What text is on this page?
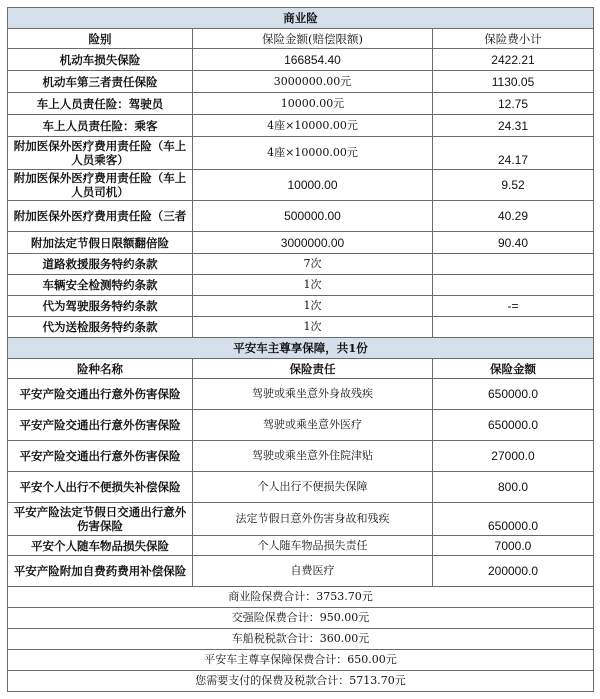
商业险		
险别	保险金额(赔偿限额)	保险费小计
机动车损失保险	166854.40	2422.21
机动车第三者责任保险	3000000.00元	1130.05
车上人员责任险：驾驶员	10000.00元	12.75
车上人员责任险：乘客	4座×10000.00元	24.31
附加医保外医疗费用责任险（车上人员乘客）	4座×10000.00元	24.17
附加医保外医疗费用责任险（车上人员司机）	10000.00	9.52
附加医保外医疗费用责任险（三者	500000.00	40.29
附加法定节假日限额翻倍险	3000000.00	90.40
道路救援服务特约条款	7次	
车辆安全检测特约条款	1次	
代为驾驶服务特约条款	1次	-=
代为送检服务特约条款	1次	
平安车主尊享保障，共1份		
险种名称	保险责任	保险金额
平安产险交通出行意外伤害保险	驾驶或乘坐意外身故残疾	650000.0
平安产险交通出行意外伤害保险	驾驶或乘坐意外医疗	650000.0
平安产险交通出行意外伤害保险	驾驶或乘坐意外住院津贴	27000.0
平安个人出行不便损失补偿保险	个人出行不便损失保障	800.0
平安产险法定节假日交通出行意外伤害保险	法定节假日意外伤害身故和残疾	650000.0
平安个人随车物品损失保险	个人随车物品损失责任	7000.0
平安产险附加自费药费用补偿保险	自费医疗	200000.0
商业险保费合计：3753.70元		
交强险保费合计：950.00元		
车船税税款合计：360.00元		
平安车主尊享保障保费合计：650.00元		
您需要支付的保费及税款合计：5713.70元		
